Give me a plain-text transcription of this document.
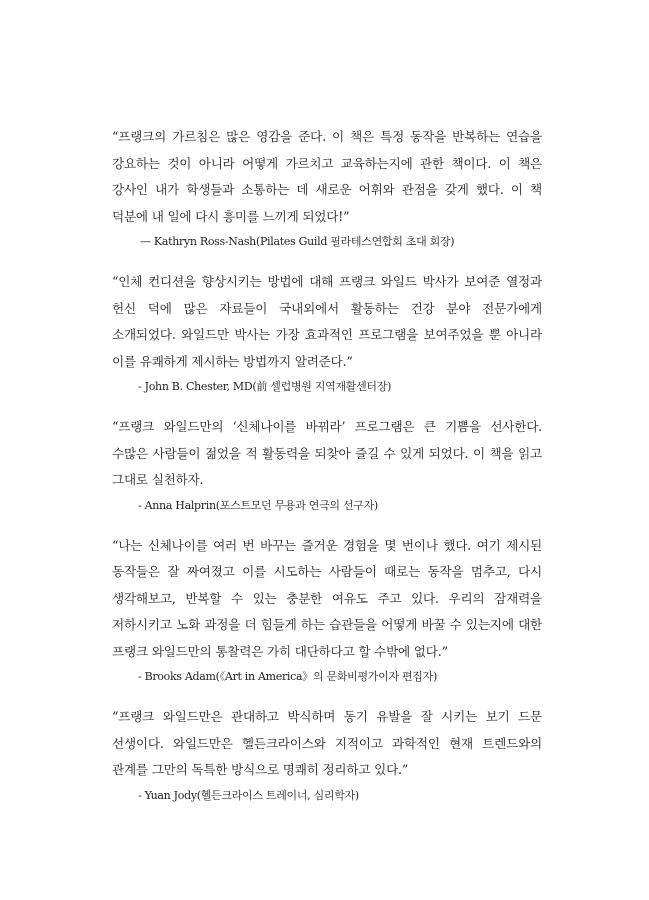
“프랭크의 가르침은 많은 영감을 준다. 이 책은 특정 동작을 반복하는 연습을 강요하는 것이 아니라 어떻게 가르치고 교육하는지에 관한 책이다. 이 책은 강사인 내가 학생들과 소통하는 데 새로운 어휘와 관점을 갖게 했다. 이 책 덕분에 내 일에 다시 흥미를 느끼게 되었다!”

— Kathryn Ross-Nash(Pilates Guild 필라테스연합회 초대 회장)

“인체 컨디션을 향상시키는 방법에 대해 프랭크 와일드 박사가 보여준 열정과 헌신 덕에 많은 자료들이 국내외에서 활동하는 건강 분야 전문가에게 소개되었다. 와일드만 박사는 가장 효과적인 프로그램을 보여주었을 뿐 아니라 이를 유쾌하게 제시하는 방법까지 알려준다.”

- John B. Chester, MD(前 셀럽병원 지역재활센터장)

“프랭크 와일드만의 ‘신체나이를 바꿔라’ 프로그램은 큰 기쁨을 선사한다. 수많은 사람들이 젊었을 적 활동력을 되찾아 즐길 수 있게 되었다. 이 책을 읽고 그대로 실천하자.

- Anna Halprin(포스트모던 무용과 연극의 선구자)

“나는 신체나이를 여러 번 바꾸는 즐거운 경험을 몇 번이나 했다. 여기 제시된 동작들은 잘 짜여졌고 이를 시도하는 사람들이 때로는 동작을 멈추고, 다시 생각해보고, 반복할 수 있는 충분한 여유도 주고 있다. 우리의 잠재력을 저하시키고 노화 과정을 더 힘들게 하는 습관들을 어떻게 바꿀 수 있는지에 대한 프랭크 와일드만의 통찰력은 가히 대단하다고 할 수밖에 없다.”

- Brooks Adam(《Art in America》의 문화비평가이자 편집자)

“프랭크 와일드만은 관대하고 박식하며 동기 유발을 잘 시키는 보기 드문 선생이다. 와일드만은 헬든크라이스와 지적이고 과학적인 현재 트렌드와의 관계를 그만의 독특한 방식으로 명쾌히 정리하고 있다.”

- Yuan Jody(헬든크라이스 트레이너, 심리학자)
